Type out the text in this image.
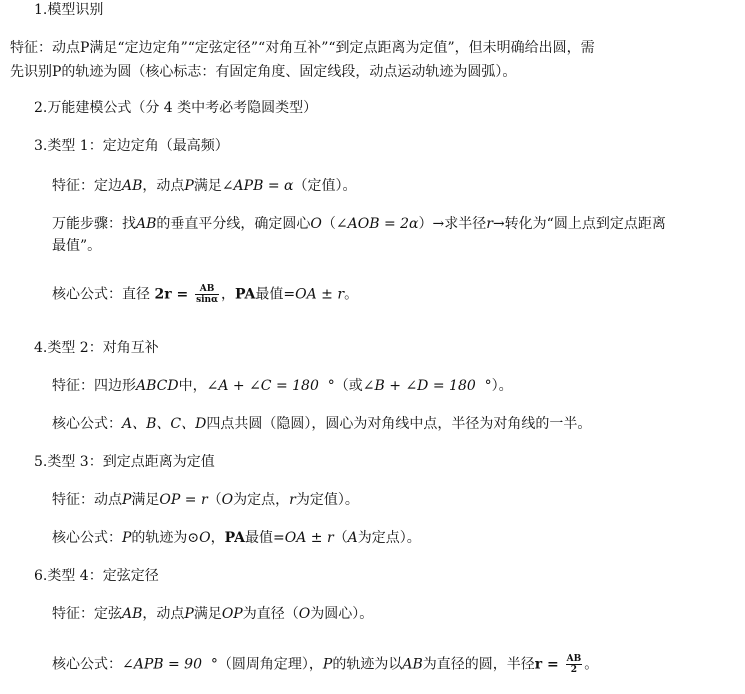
1.模型识别
特征：动点P满足“定边定角”“定弦定径”“对角互补”“到定点距离为定值”，但未明确给出圆，需
先识别P的轨迹为圆（核心标志：有固定角度、固定线段，动点运动轨迹为圆弧）。
2.万能建模公式（分 4 类中考必考隐圆类型）
3.类型 1：定边定角（最高频）
特征：定边AB，动点P满足∠APB = α（定值）。
万能步骤：找AB的垂直平分线，确定圆心O（∠AOB = 2α）→求半径r→转化为“圆上点到定点距离
最值”。
核心公式：直径 $2r = \frac{AB}{\sin\alpha}$ ，PA最值=OA ± r。
4.类型 2：对角互补
特征：四边形ABCD中，∠A + ∠C = 180 °（或∠B + ∠D = 180 °）。
核心公式：A、B、C、D四点共圆（隐圆），圆心为对角线中点，半径为对角线的一半。
5.类型 3：到定点距离为定值
特征：动点P满足OP = r（O为定点，r为定值）。
核心公式：P的轨迹为⊙O，PA最值=OA ± r（A为定点）。
6.类型 4：定弦定径
特征：定弦AB，动点P满足OP为直径（O为圆心）。
核心公式：∠APB = 90 °（圆周角定理），P的轨迹为以AB为直径的圆，半径$r = \frac{AB}{2}$ 。
